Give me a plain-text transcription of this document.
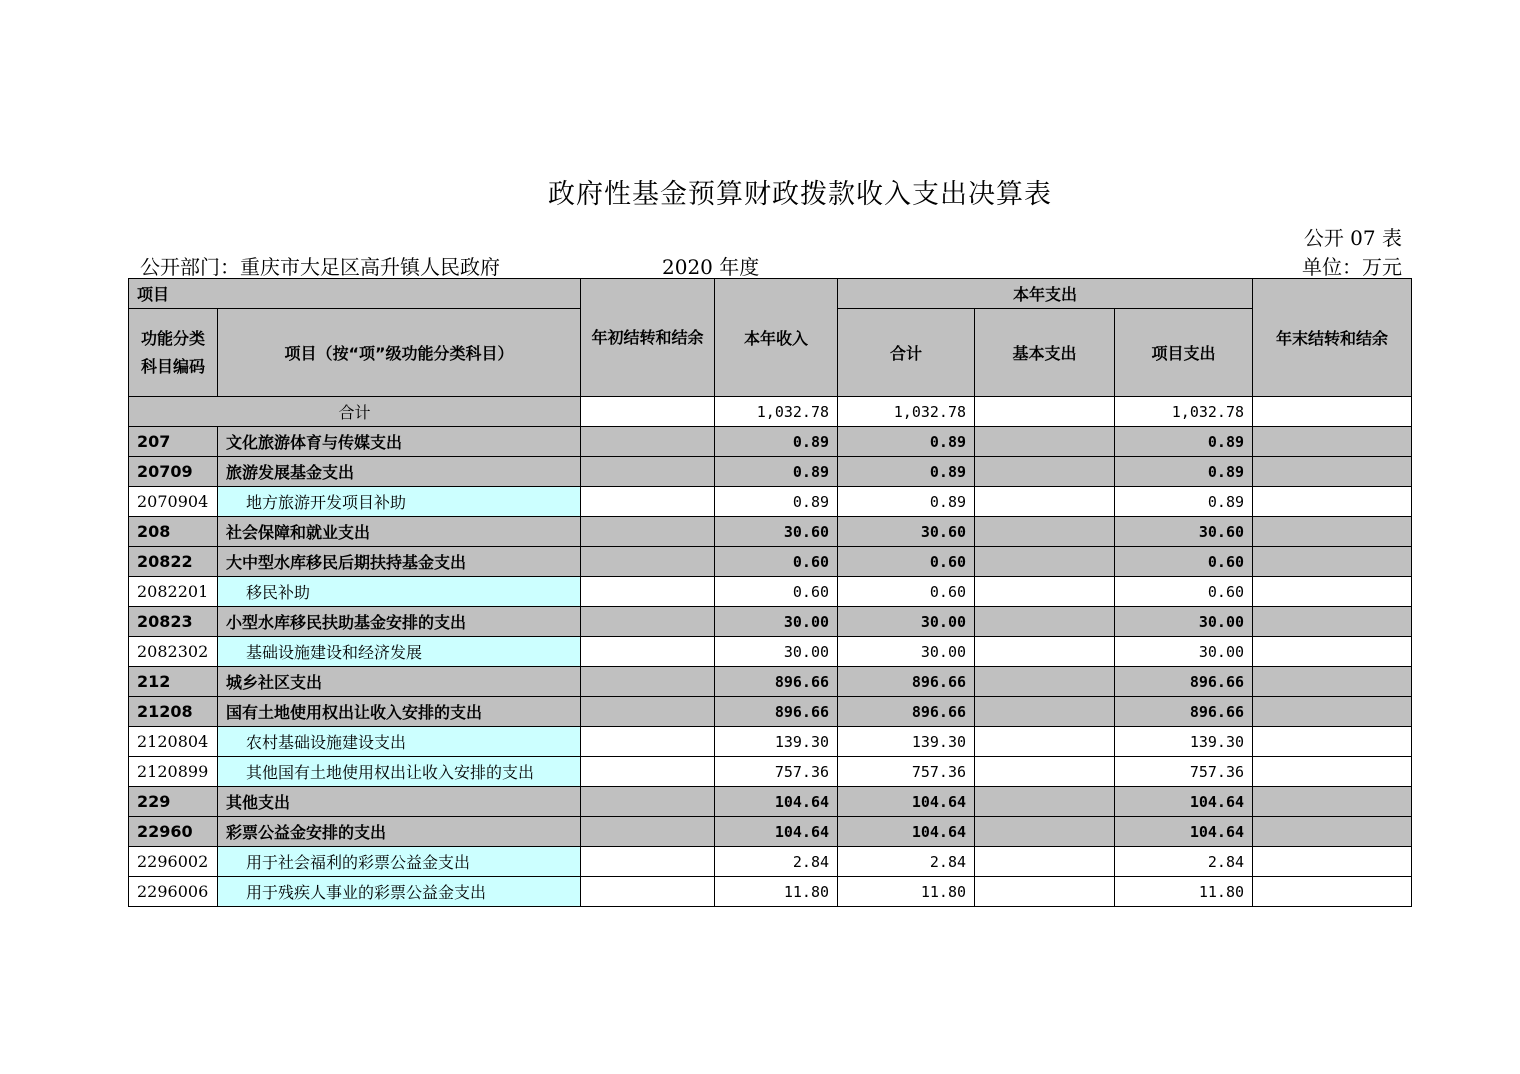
政府性基金预算财政拨款收入支出决算表
公开 07 表
公开部门：重庆市大足区高升镇人民政府	2020 年度	单位：万元
项目		年初结转和结余	本年收入	本年支出			年末结转和结余
功能分类科目编码	项目（按“项”级功能分类科目）			合计	基本支出	项目支出	
合计			1,032.78	1,032.78		1,032.78	
207	文化旅游体育与传媒支出		0.89	0.89		0.89	
20709	旅游发展基金支出		0.89	0.89		0.89	
2070904	地方旅游开发项目补助		0.89	0.89		0.89	
208	社会保障和就业支出		30.60	30.60		30.60	
20822	大中型水库移民后期扶持基金支出		0.60	0.60		0.60	
2082201	移民补助		0.60	0.60		0.60	
20823	小型水库移民扶助基金安排的支出		30.00	30.00		30.00	
2082302	基础设施建设和经济发展		30.00	30.00		30.00	
212	城乡社区支出		896.66	896.66		896.66	
21208	国有土地使用权出让收入安排的支出		896.66	896.66		896.66	
2120804	农村基础设施建设支出		139.30	139.30		139.30	
2120899	其他国有土地使用权出让收入安排的支出		757.36	757.36		757.36	
229	其他支出		104.64	104.64		104.64	
22960	彩票公益金安排的支出		104.64	104.64		104.64	
2296002	用于社会福利的彩票公益金支出		2.84	2.84		2.84	
2296006	用于残疾人事业的彩票公益金支出		11.80	11.80		11.80	
